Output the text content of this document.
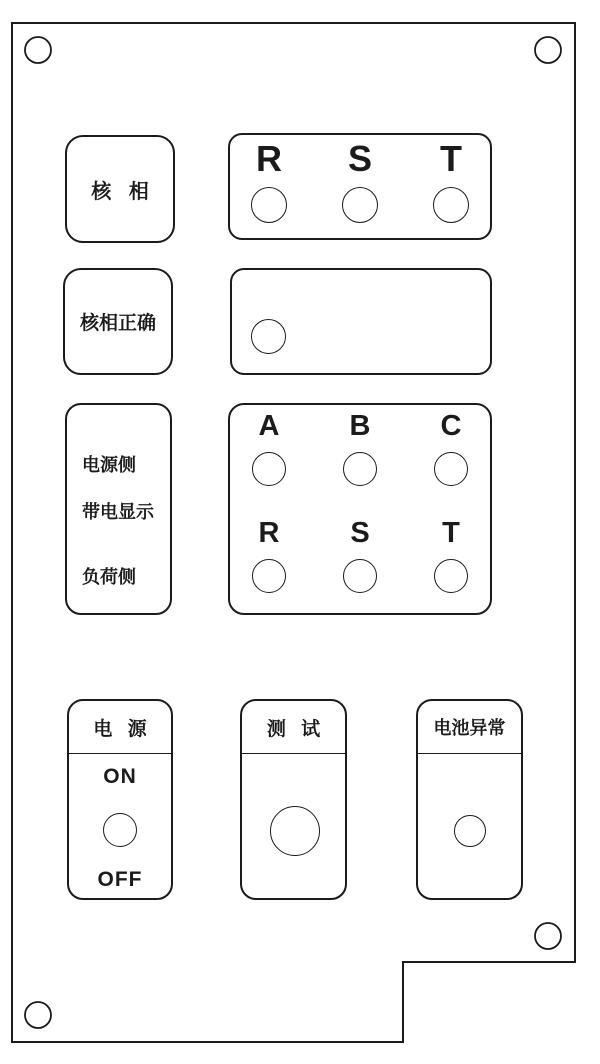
核 相
R S T
核相正确
电源侧
带电显示
负荷侧
A B C
R S T
电 源
ON
OFF
测 试	电池异常
